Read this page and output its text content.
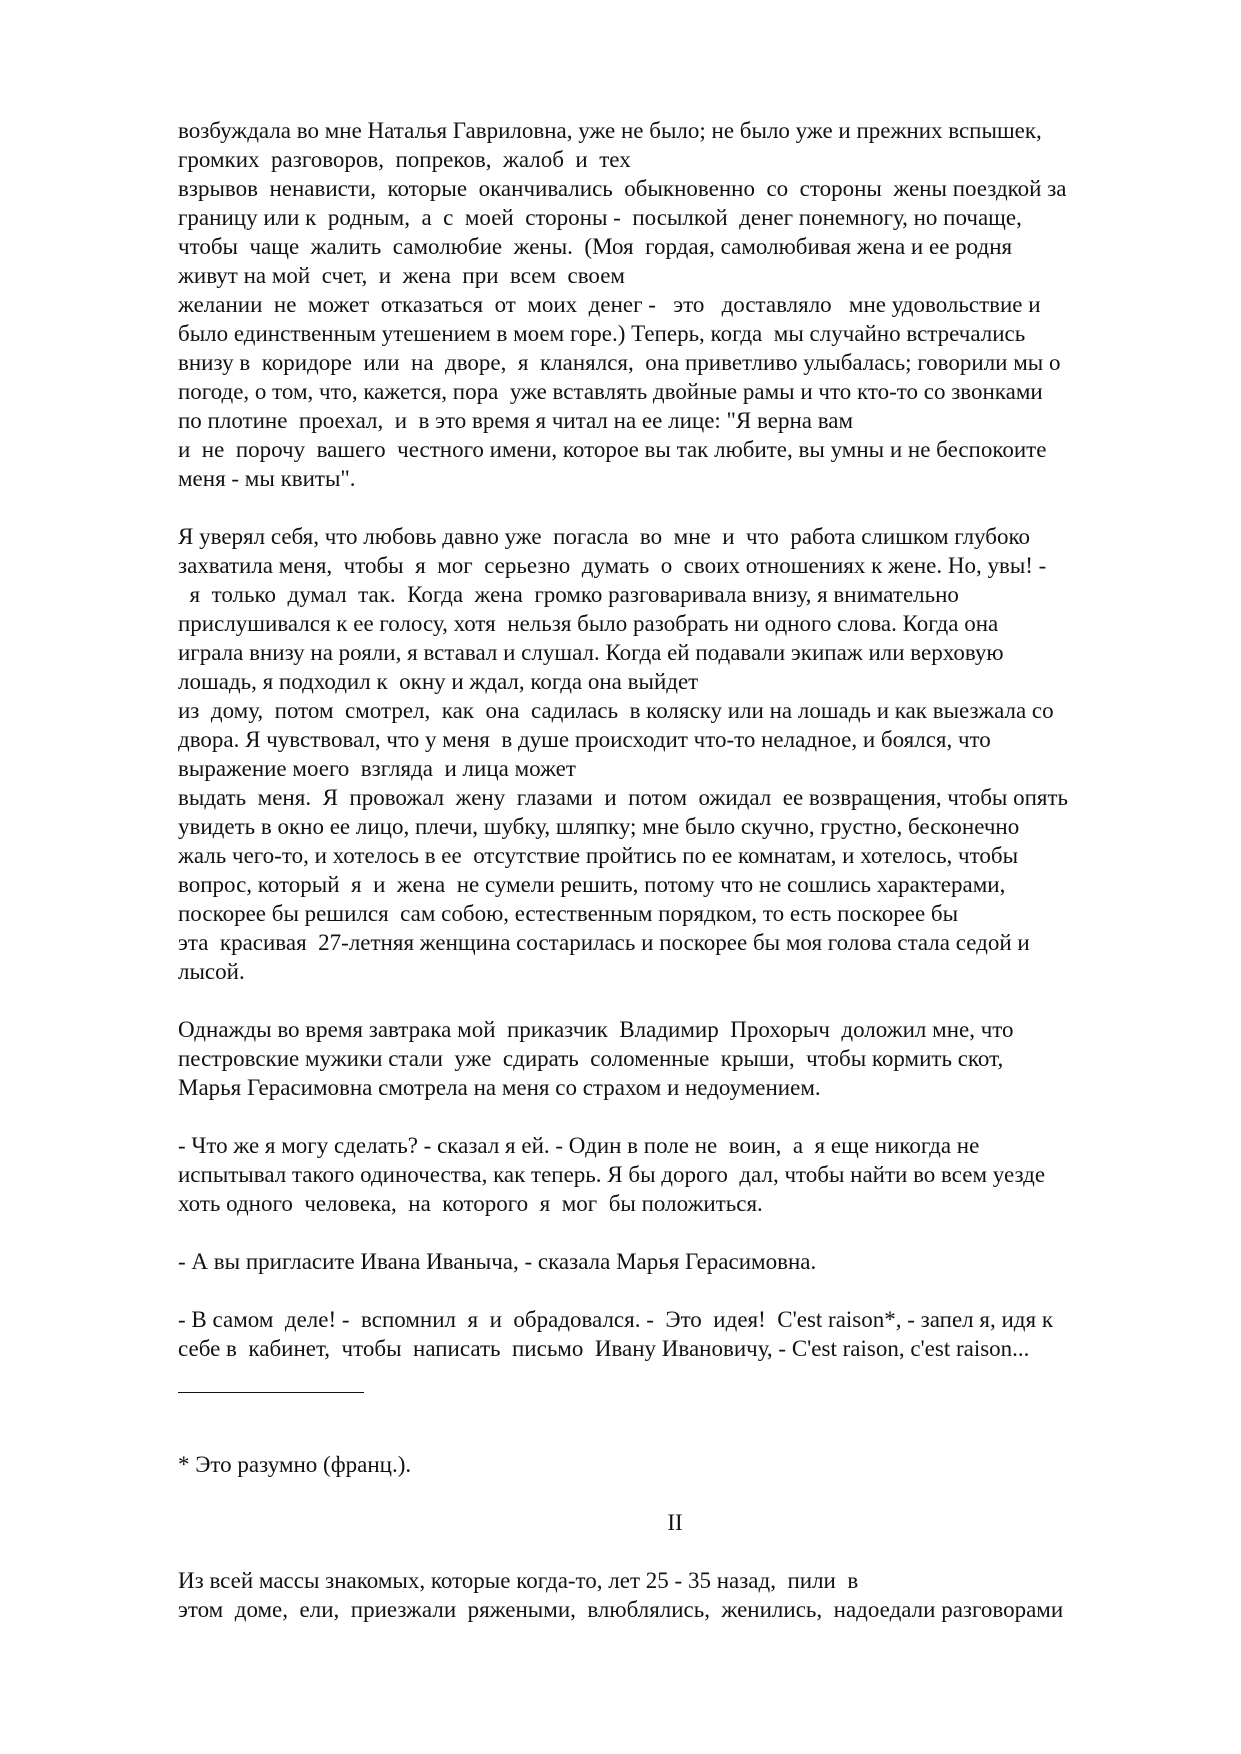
возбуждала во мне Наталья Гавриловна, уже не было; не было уже и прежних вспышек,
громких  разговоров,  попреков,  жалоб  и  тех
взрывов  ненависти,  которые  оканчивались  обыкновенно  со  стороны  жены поездкой за
границу или к  родным,  а  с  моей  стороны -  посылкой  денег понемногу, но почаще,
чтобы  чаще  жалить  самолюбие  жены.  (Моя  гордая, самолюбивая жена и ее родня
живут на мой  счет,  и  жена  при  всем  своем
желании  не  может  отказаться  от  моих  денег -   это   доставляло   мне удовольствие и
было единственным утешением в моем горе.) Теперь, когда  мы случайно встречались
внизу в  коридоре  или  на  дворе,  я  кланялся,  она приветливо улыбалась; говорили мы о
погоде, о том, что, кажется, пора  уже вставлять двойные рамы и что кто-то со звонками
по плотине  проехал,  и  в это время я читал на ее лице: "Я верна вам
и  не  порочу  вашего  честного имени, которое вы так любите, вы умны и не беспокоите
меня - мы квиты".
Я уверял себя, что любовь давно уже  погасла  во  мне  и  что  работа слишком глубоко
захватила меня,  чтобы  я  мог  серьезно  думать  о  своих отношениях к жене. Но, увы! -
я  только  думал  так.  Когда  жена  громко разговаривала внизу, я внимательно
прислушивался к ее голосу, хотя  нельзя было разобрать ни одного слова. Когда она
играла внизу на рояли, я вставал и слушал. Когда ей подавали экипаж или верховую
лошадь, я подходил к  окну и ждал, когда она выйдет
из  дому,  потом  смотрел,  как  она  садилась  в коляску или на лошадь и как выезжала со
двора. Я чувствовал, что у меня  в душе происходит что-то неладное, и боялся, что
выражение моего  взгляда  и лица может
выдать  меня.  Я  провожал  жену  глазами  и  потом  ожидал  ее возвращения, чтобы опять
увидеть в окно ее лицо, плечи, шубку, шляпку; мне было скучно, грустно, бесконечно
жаль чего-то, и хотелось в ее  отсутствие пройтись по ее комнатам, и хотелось, чтобы
вопрос, который  я  и  жена  не сумели решить, потому что не сошлись характерами,
поскорее бы решился  сам собою, естественным порядком, то есть поскорее бы
эта  красивая  27-летняя женщина состарилась и поскорее бы моя голова стала седой и
лысой.
Однажды во время завтрака мой  приказчик  Владимир  Прохорыч  доложил мне, что
пестровские мужики стали  уже  сдирать  соломенные  крыши,  чтобы кормить скот,
Марья Герасимовна смотрела на меня со страхом и недоумением.
- Что же я могу сделать? - сказал я ей. - Один в поле не  воин,  а  я еще никогда не
испытывал такого одиночества, как теперь. Я бы дорого  дал, чтобы найти во всем уезде
хоть одного  человека,  на  которого  я  мог  бы положиться.
- А вы пригласите Ивана Иваныча, - сказала Марья Герасимовна.
- В самом  деле! -  вспомнил  я  и  обрадовался. -  Это  идея!  C'est raison*, - запел я, идя к
себе в  кабинет,  чтобы  написать  письмо  Ивану Ивановичу, - C'est raison, c'est raison...
* Это разумно (франц.).
II
Из всей массы знакомых, которые когда-то, лет 25 - 35 назад,  пили  в
этом  доме,  ели,  приезжали  ряжеными,  влюблялись,  женились,  надоедали разговорами
